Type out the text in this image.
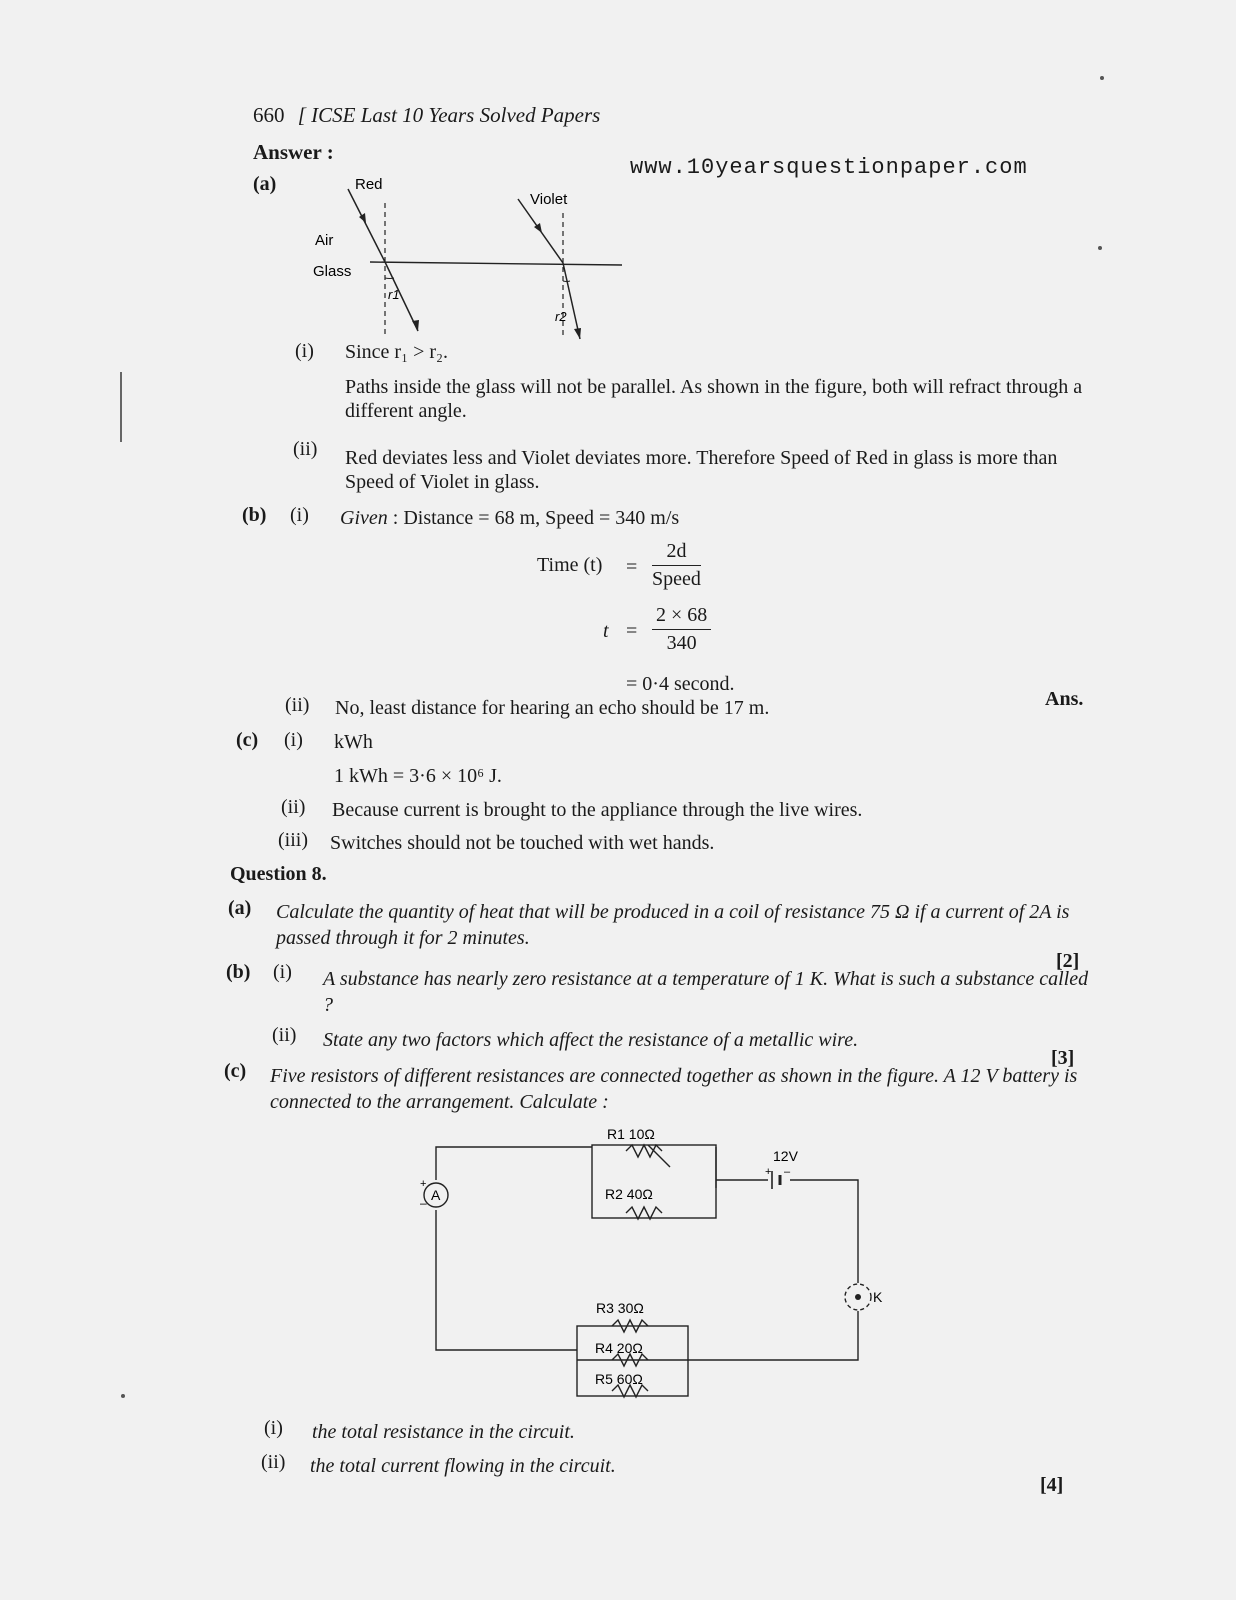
660 [ ICSE Last 10 Years Solved Papers
Answer :
www.10yearsquestionpaper.com
(a)	Red
Violet
Air
Glass
r1
r2
(i) Since r₁ > r₂.
Paths inside the glass will not be parallel. As shown in the figure, both will refract through a different angle.
(ii) Red deviates less and Violet deviates more. Therefore Speed of Red in glass is more than Speed of Violet in glass.
(b) (i) Given : Distance = 68 m, Speed = 340 m/s
Time $(t) = \frac{2d}{\text{Speed}}$
$t = \frac{2 \times 68}{340}$
= 0·4 second.
Ans.
(ii) No, least distance for hearing an echo should be 17 m.
(c) (i) kWh
1 kWh = 3·6 × 10⁶ J.
(ii) Because current is brought to the appliance through the live wires.
(iii) Switches should not be touched with wet hands.
Question 8.
(a) Calculate the quantity of heat that will be produced in a coil of resistance 75 Ω if a current of 2A is passed through it for 2 minutes.
[2]
(b) (i) A substance has nearly zero resistance at a temperature of 1 K. What is such a substance called ?
(ii) State any two factors which affect the resistance of a metallic wire.
[3]
(c) Five resistors of different resistances are connected together as shown in the figure. A 12 V battery is connected to the arrangement. Calculate :
R1 10Ω
R2 40Ω
R3 30Ω
R4 20Ω
R5 60Ω
12V
+ –
A
+
–
K
(i) the total resistance in the circuit.
(ii) the total current flowing in the circuit.
[4]
